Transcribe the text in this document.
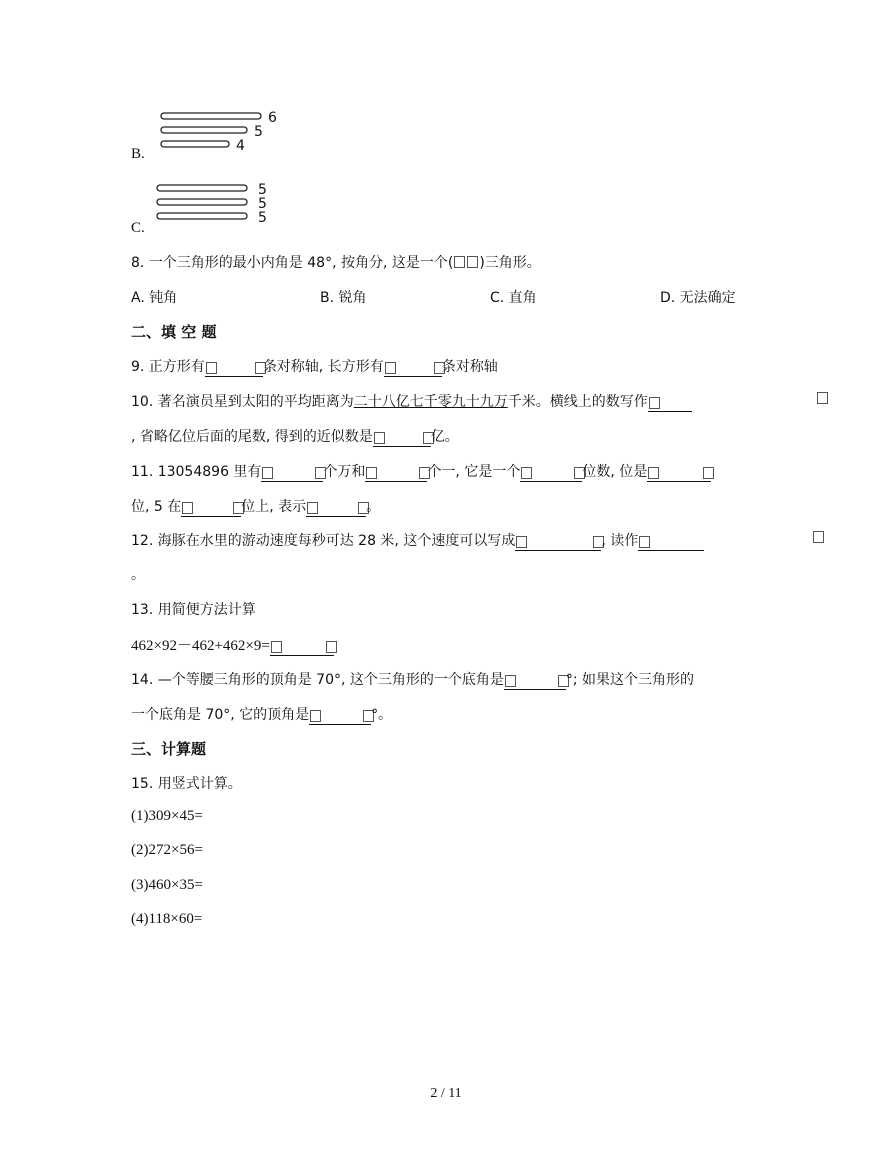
6
5
4
B.
5
5
5
C.
8. 一个三角形的最小内角是 48°, 按角分, 这是一个( )三角形。
A. 钝角	B. 锐角	C. 直角	D. 无法确定
二、填 空 题
9. 正方形有	条对称轴, 长方形有	条对称轴
10. 著名演员星到太阳的平均距离为二十八亿七千零九十九万千米。横线上的数写作
, 省略亿位后面的尾数, 得到的近似数是	亿。
11. 13054896 里有	个万和	个一, 它是一个	位数, 位是
位, 5 在	位上, 表示	。
12. 海豚在水里的游动速度每秒可达 28 米, 这个速度可以写成	, 读作
。
13. 用简便方法计算
462×92－462+462×9=
14. —个等腰三角形的顶角是 70°, 这个三角形的一个底角是	°; 如果这个三角形的
一个底角是 70°, 它的顶角是	°。
三、计算题
15. 用竖式计算。
(1)309×45=
(2)272×56=
(3)460×35=
(4)118×60=
2 / 11
